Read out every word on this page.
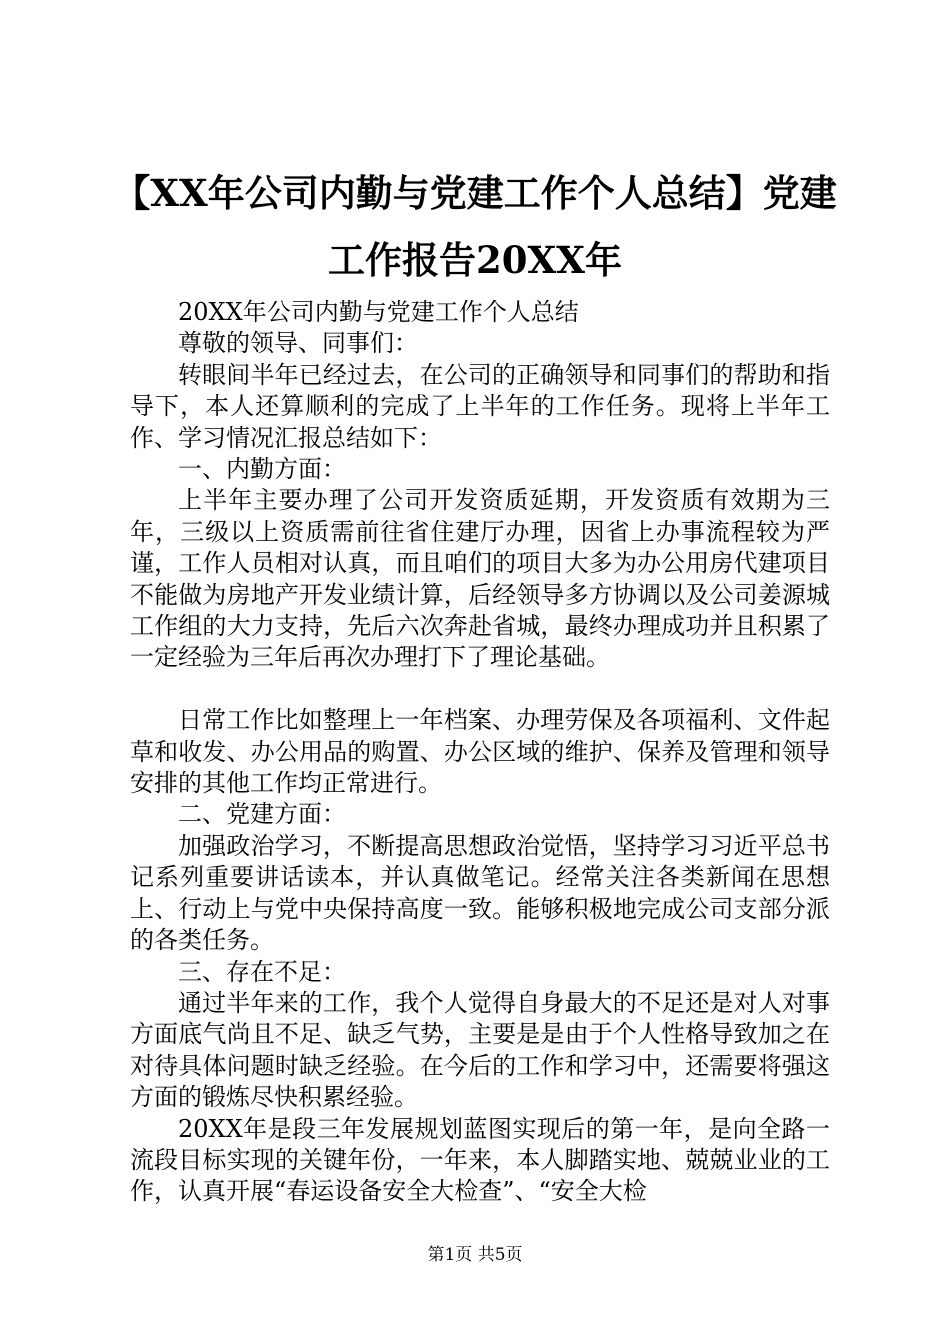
【XX年公司内勤与党建工作个人总结】党建
工作报告20XX年

20XX年公司内勤与党建工作个人总结

尊敬的领导、同事们：

转眼间半年已经过去，在公司的正确领导和同事们的帮助和指导下，本人还算顺利的完成了上半年的工作任务。现将上半年工作、学习情况汇报总结如下：

一、内勤方面：

上半年主要办理了公司开发资质延期，开发资质有效期为三年，三级以上资质需前往省住建厅办理，因省上办事流程较为严谨，工作人员相对认真，而且咱们的项目大多为办公用房代建项目不能做为房地产开发业绩计算，后经领导多方协调以及公司姜源城工作组的大力支持，先后六次奔赴省城，最终办理成功并且积累了一定经验为三年后再次办理打下了理论基础。

日常工作比如整理上一年档案、办理劳保及各项福利、文件起草和收发、办公用品的购置、办公区域的维护、保养及管理和领导安排的其他工作均正常进行。

二、党建方面：

加强政治学习，不断提高思想政治觉悟，坚持学习习近平总书记系列重要讲话读本，并认真做笔记。经常关注各类新闻在思想上、行动上与党中央保持高度一致。能够积极地完成公司支部分派的各类任务。

三、存在不足：

通过半年来的工作，我个人觉得自身最大的不足还是对人对事方面底气尚且不足、缺乏气势，主要是是由于个人性格导致加之在对待具体问题时缺乏经验。在今后的工作和学习中，还需要将强这方面的锻炼尽快积累经验。

20XX年是段三年发展规划蓝图实现后的第一年，是向全路一流段目标实现的关键年份，一年来，本人脚踏实地、兢兢业业的工作，认真开展“春运设备安全大检查”、“安全大检

第1页 共5页
